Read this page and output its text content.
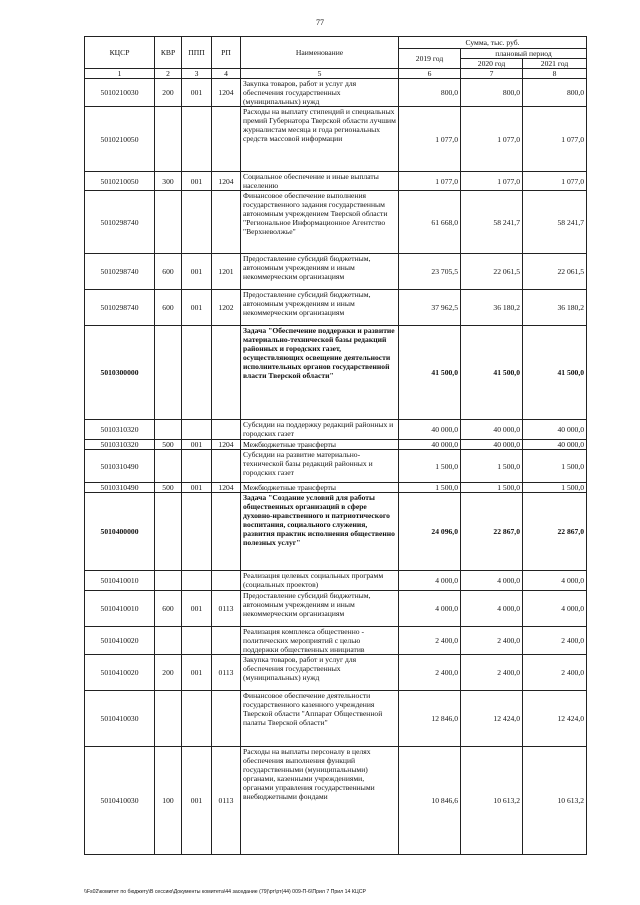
77
КЦСР	КВР	ППП	РП	Наименование	Сумма, тыс. руб.		
					2019 год	плановый период	
						2020 год	2021 год
1	2	3	4	5	6	7	8
5010210030	200	001	1204	Закупка товаров, работ и услуг для обеспечения государственных (муниципальных) нужд	800,0	800,0	800,0
5010210050				Расходы на выплату стипендий и специальных премий Губернатора Тверской области лучшим журналистам месяца и года региональных средств массовой информации	1 077,0	1 077,0	1 077,0
5010210050	300	001	1204	Социальное обеспечение и иные выплаты населению	1 077,0	1 077,0	1 077,0
5010298740				Финансовое обеспечение выполнения государственного задания государственным автономным учреждением Тверской области "Региональное Информационное Агентство "Верхневолжье"	61 668,0	58 241,7	58 241,7
5010298740	600	001	1201	Предоставление субсидий бюджетным, автономным учреждениям и иным некоммерческим организациям	23 705,5	22 061,5	22 061,5
5010298740	600	001	1202	Предоставление субсидий бюджетным, автономным учреждениям и иным некоммерческим организациям	37 962,5	36 180,2	36 180,2
5010300000				Задача "Обеспечение поддержки и развитие материально-технической базы редакций районных и городских газет, осуществляющих освещение деятельности исполнительных органов государственной власти Тверской области"	41 500,0	41 500,0	41 500,0
5010310320				Субсидии на поддержку редакций районных и городских газет	40 000,0	40 000,0	40 000,0
5010310320	500	001	1204	Межбюджетные трансферты	40 000,0	40 000,0	40 000,0
5010310490				Субсидии на развитие материально-технической базы редакций районных и городских газет	1 500,0	1 500,0	1 500,0
5010310490	500	001	1204	Межбюджетные трансферты	1 500,0	1 500,0	1 500,0
5010400000				Задача "Создание условий для работы общественных организаций в сфере духовно-нравственного и патриотического воспитания, социального служения, развития практик исполнения общественно полезных услуг"	24 096,0	22 867,0	22 867,0
5010410010				Реализация целевых социальных программ (социальных проектов)	4 000,0	4 000,0	4 000,0
5010410010	600	001	0113	Предоставление субсидий бюджетным, автономным учреждениям и иным некоммерческим организациям	4 000,0	4 000,0	4 000,0
5010410020				Реализация комплекса общественно - политических мероприятий с целью поддержки общественных инициатив	2 400,0	2 400,0	2 400,0
5010410020	200	001	0113	Закупка товаров, работ и услуг для обеспечения государственных (муниципальных) нужд	2 400,0	2 400,0	2 400,0
5010410030				Финансовое обеспечение деятельности государственного казенного учреждения Тверской области "Аппарат Общественной палаты Тверской области"	12 846,0	12 424,0	12 424,0
5010410030	100	001	0113	Расходы на выплаты персоналу в целях обеспечения выполнения функций государственными (муниципальными) органами, казенными учреждениями, органами управления государственными внебюджетными фондами	10 846,6	10 613,2	10 613,2
\\Fs02\комитет по бюджету\В сессию\Документы комитета\44 заседание (79)\рт\рт(44) 009-П-6\Прил 7 Прил 14 КЦСР
